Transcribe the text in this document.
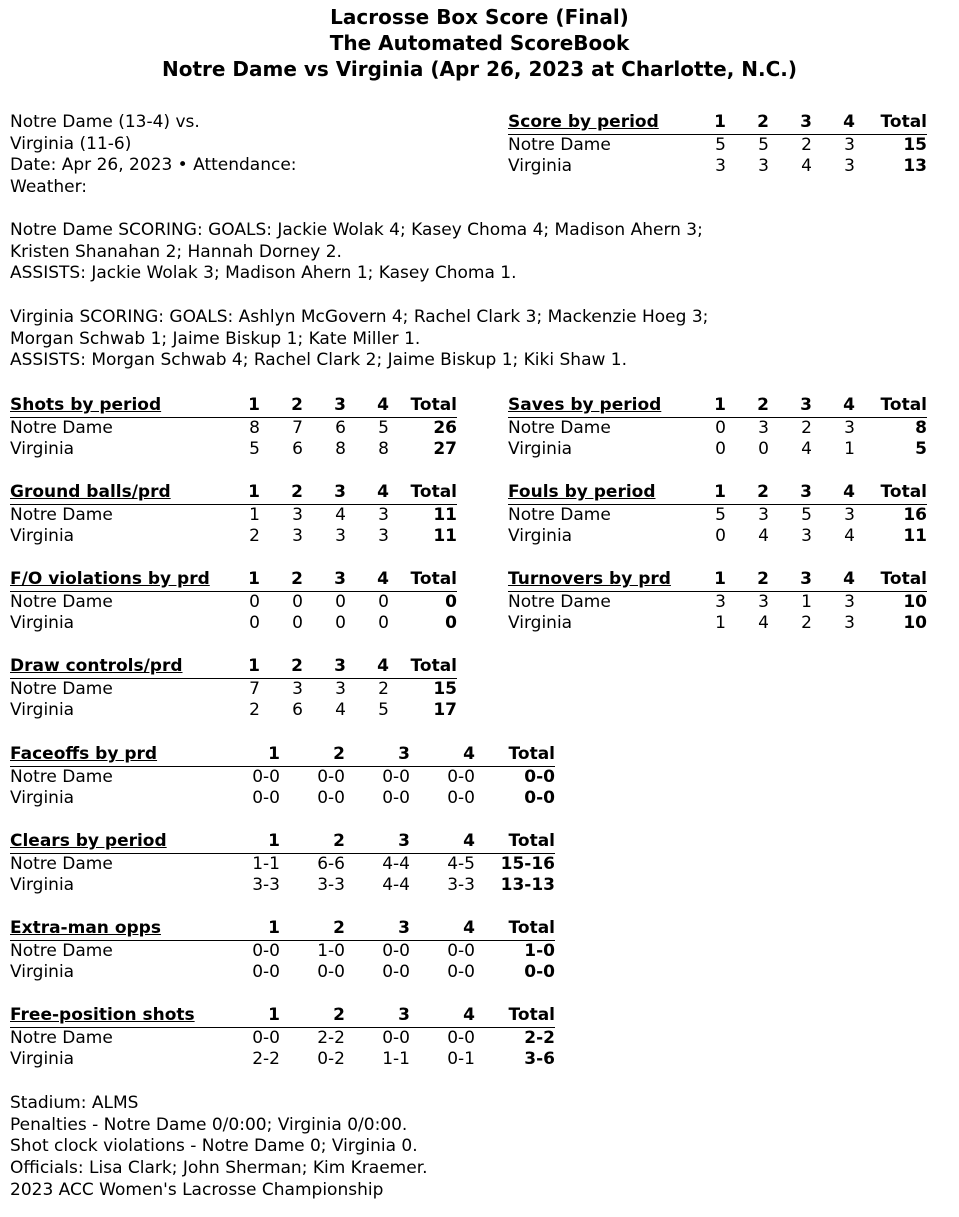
Lacrosse Box Score (Final)
The Automated ScoreBook
Notre Dame vs Virginia (Apr 26, 2023 at Charlotte, N.C.)
Notre Dame (13-4) vs.
Virginia (11-6)
Date: Apr 26, 2023 • Attendance:
Weather:
Notre Dame SCORING: GOALS: Jackie Wolak 4; Kasey Choma 4; Madison Ahern 3;
Kristen Shanahan 2; Hannah Dorney 2.
ASSISTS: Jackie Wolak 3; Madison Ahern 1; Kasey Choma 1.
Virginia SCORING: GOALS: Ashlyn McGovern 4; Rachel Clark 3; Mackenzie Hoeg 3;
Morgan Schwab 1; Jaime Biskup 1; Kate Miller 1.
ASSISTS: Morgan Schwab 4; Rachel Clark 2; Jaime Biskup 1; Kiki Shaw 1.
Score by period	1	2	3	4	Total
Notre Dame	5	5	2	3	15
Virginia	3	3	4	3	13
Shots by period	1	2	3	4	Total
Notre Dame	8	7	6	5	26
Virginia	5	6	8	8	27
Saves by period	1	2	3	4	Total
Notre Dame	0	3	2	3	8
Virginia	0	0	4	1	5
Ground balls/prd	1	2	3	4	Total
Notre Dame	1	3	4	3	11
Virginia	2	3	3	3	11
Fouls by period	1	2	3	4	Total
Notre Dame	5	3	5	3	16
Virginia	0	4	3	4	11
F/O violations by prd	1	2	3	4	Total
Notre Dame	0	0	0	0	0
Virginia	0	0	0	0	0
Turnovers by prd	1	2	3	4	Total
Notre Dame	3	3	1	3	10
Virginia	1	4	2	3	10
Draw controls/prd	1	2	3	4	Total
Notre Dame	7	3	3	2	15
Virginia	2	6	4	5	17
Faceoffs by prd	1	2	3	4	Total
Notre Dame	0-0	0-0	0-0	0-0	0-0
Virginia	0-0	0-0	0-0	0-0	0-0
Clears by period	1	2	3	4	Total
Notre Dame	1-1	6-6	4-4	4-5	15-16
Virginia	3-3	3-3	4-4	3-3	13-13
Extra-man opps	1	2	3	4	Total
Notre Dame	0-0	1-0	0-0	0-0	1-0
Virginia	0-0	0-0	0-0	0-0	0-0
Free-position shots	1	2	3	4	Total
Notre Dame	0-0	2-2	0-0	0-0	2-2
Virginia	2-2	0-2	1-1	0-1	3-6
Stadium: ALMS
Penalties - Notre Dame 0/0:00; Virginia 0/0:00.
Shot clock violations - Notre Dame 0; Virginia 0.
Officials: Lisa Clark; John Sherman; Kim Kraemer.
2023 ACC Women's Lacrosse Championship
